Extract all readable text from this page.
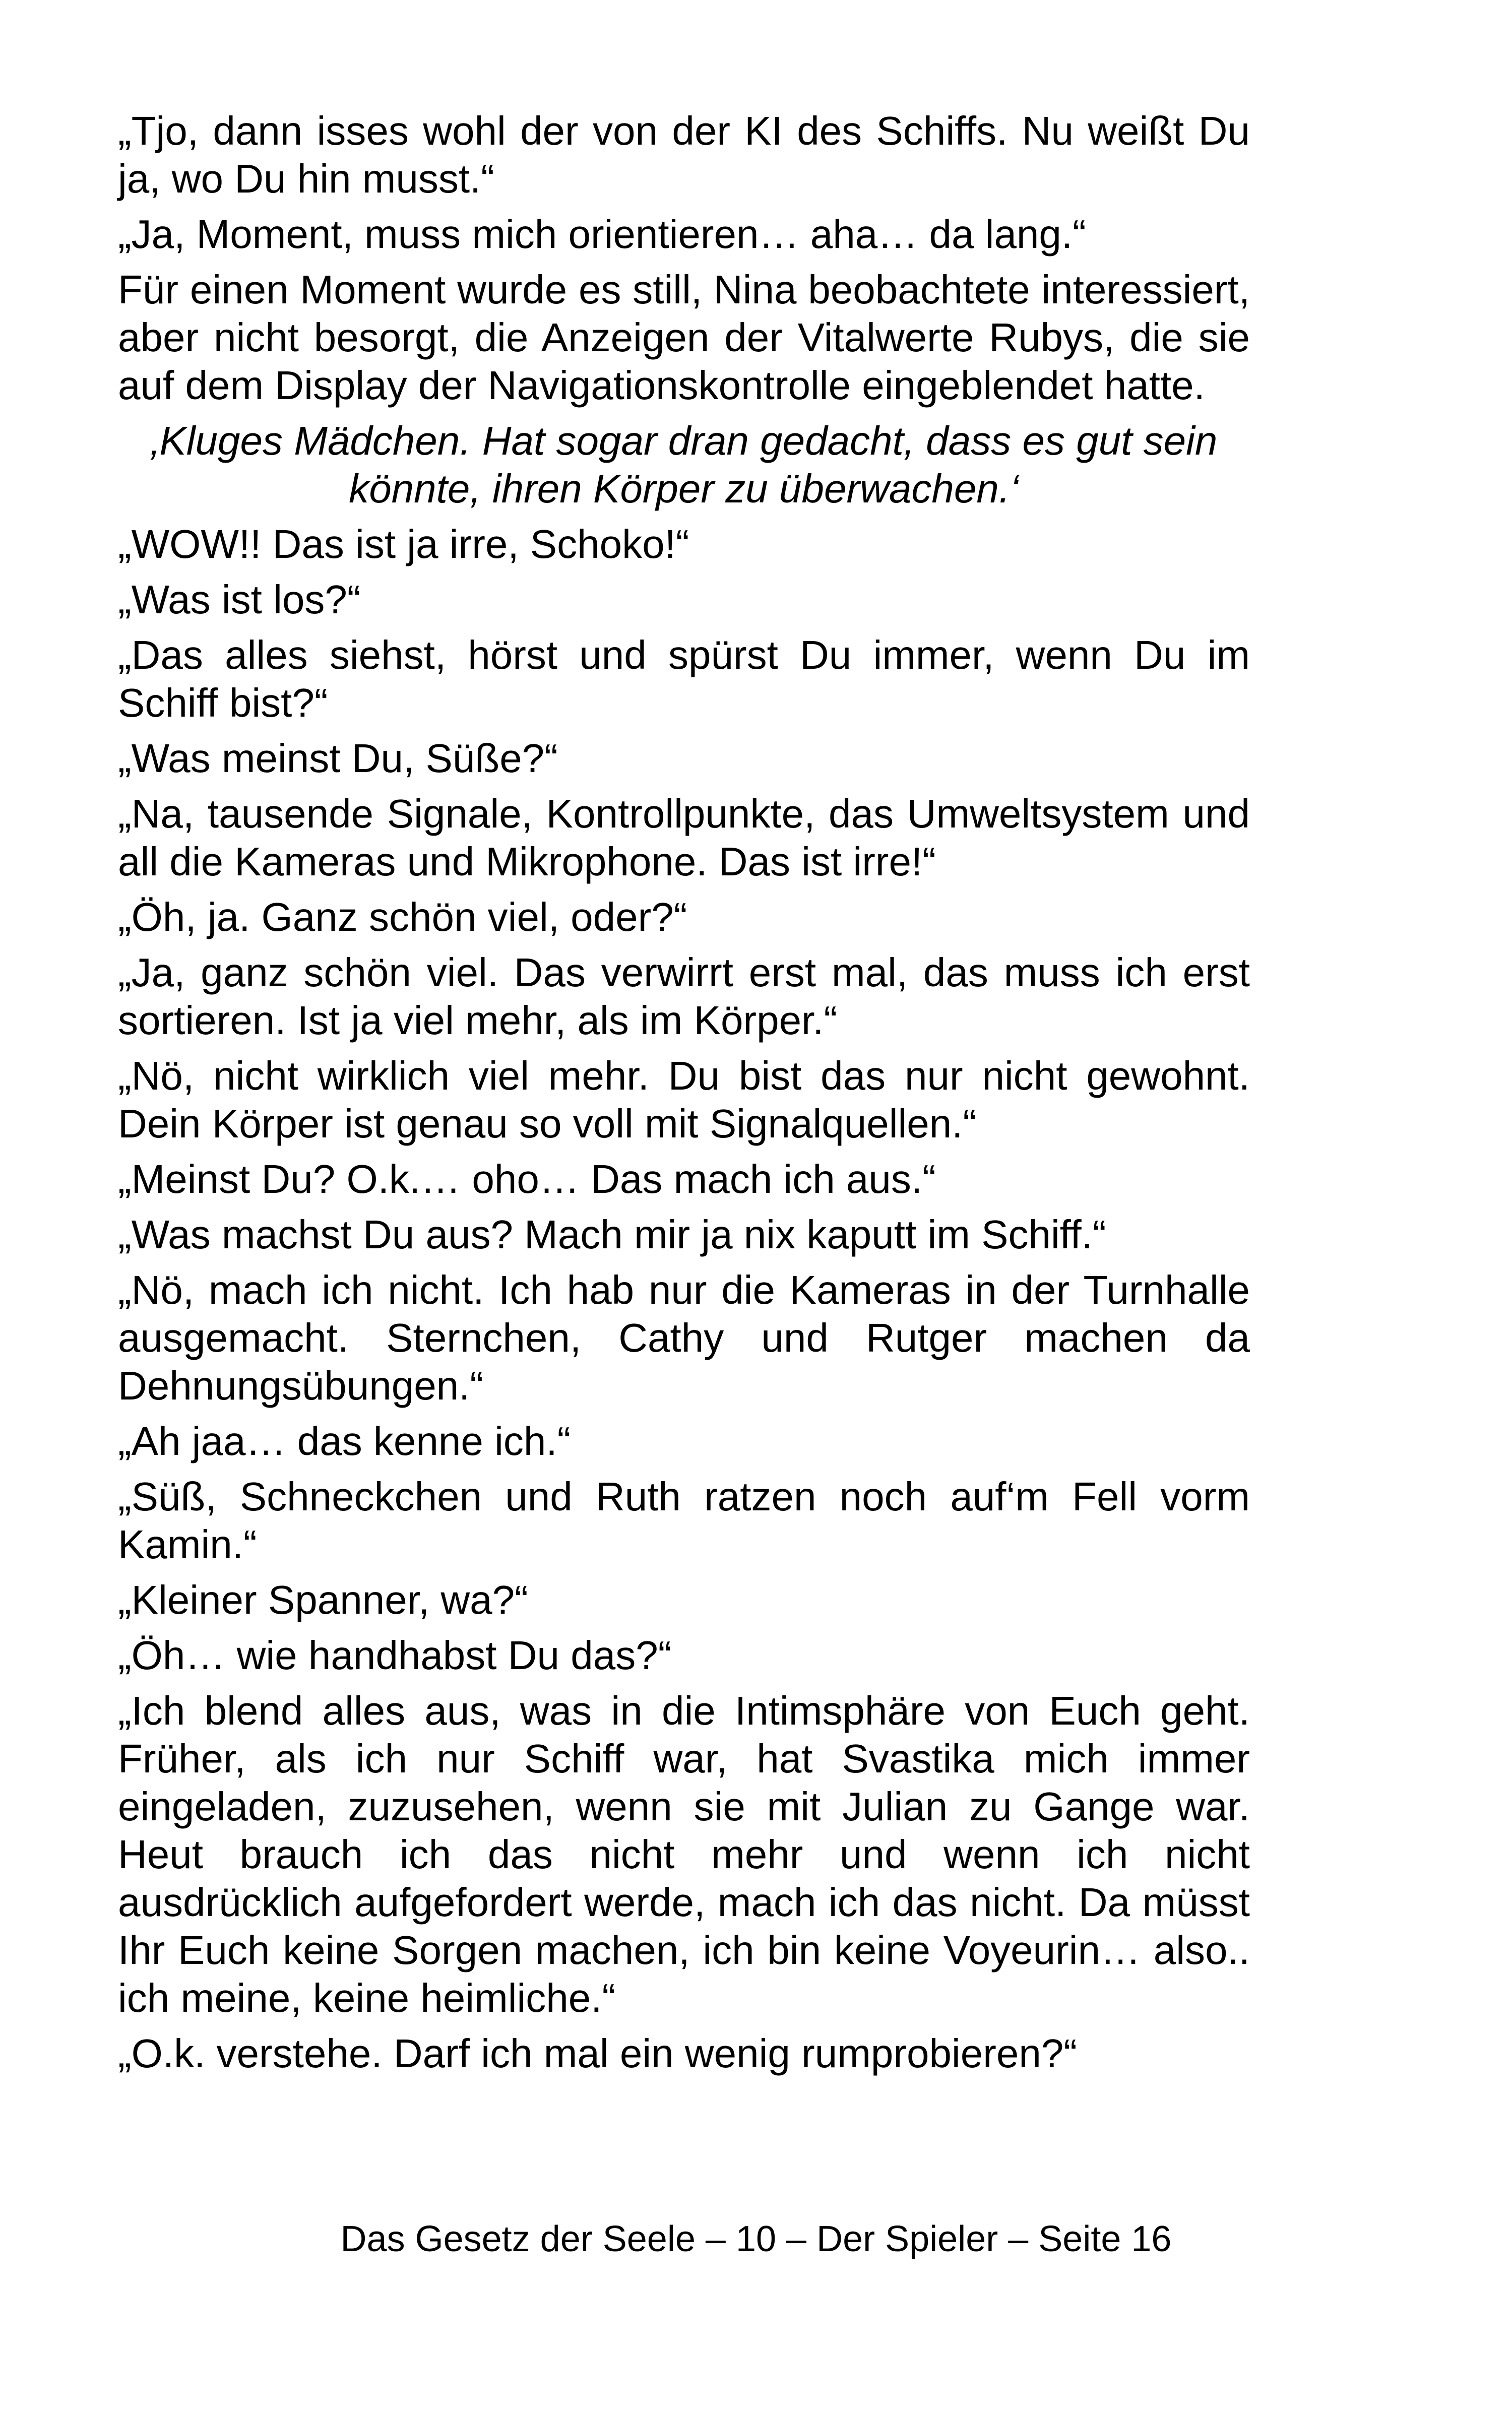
„Tjo, dann isses wohl der von der KI des Schiffs. Nu weißt Du ja, wo Du hin musst.“

„Ja, Moment, muss mich orientieren… aha… da lang.“

Für einen Moment wurde es still, Nina beobachtete interessiert, aber nicht besorgt, die Anzeigen der Vitalwerte Rubys, die sie auf dem Display der Navigationskontrolle eingeblendet hatte.

‚Kluges Mädchen. Hat sogar dran gedacht, dass es gut sein könnte, ihren Körper zu überwachen.‘

„WOW!! Das ist ja irre, Schoko!“

„Was ist los?“

„Das alles siehst, hörst und spürst Du immer, wenn Du im Schiff bist?“

„Was meinst Du, Süße?“

„Na, tausende Signale, Kontrollpunkte, das Umweltsystem und all die Kameras und Mikrophone. Das ist irre!“

„Öh, ja. Ganz schön viel, oder?“

„Ja, ganz schön viel. Das verwirrt erst mal, das muss ich erst sortieren. Ist ja viel mehr, als im Körper.“

„Nö, nicht wirklich viel mehr. Du bist das nur nicht gewohnt. Dein Körper ist genau so voll mit Signalquellen.“

„Meinst Du? O.k.… oho… Das mach ich aus.“

„Was machst Du aus? Mach mir ja nix kaputt im Schiff.“

„Nö, mach ich nicht. Ich hab nur die Kameras in der Turnhalle ausgemacht. Sternchen, Cathy und Rutger machen da Dehnungsübungen.“

„Ah jaa… das kenne ich.“

„Süß, Schneckchen und Ruth ratzen noch auf‘m Fell vorm Kamin.“

„Kleiner Spanner, wa?“

„Öh… wie handhabst Du das?“

„Ich blend alles aus, was in die Intimsphäre von Euch geht. Früher, als ich nur Schiff war, hat Svastika mich immer eingeladen, zuzusehen, wenn sie mit Julian zu Gange war. Heut brauch ich das nicht mehr und wenn ich nicht ausdrücklich aufgefordert werde, mach ich das nicht. Da müsst Ihr Euch keine Sorgen machen, ich bin keine Voyeurin… also.. ich meine, keine heimliche.“

„O.k. verstehe. Darf ich mal ein wenig rumprobieren?“

Das Gesetz der Seele – 10 – Der Spieler – Seite 16
